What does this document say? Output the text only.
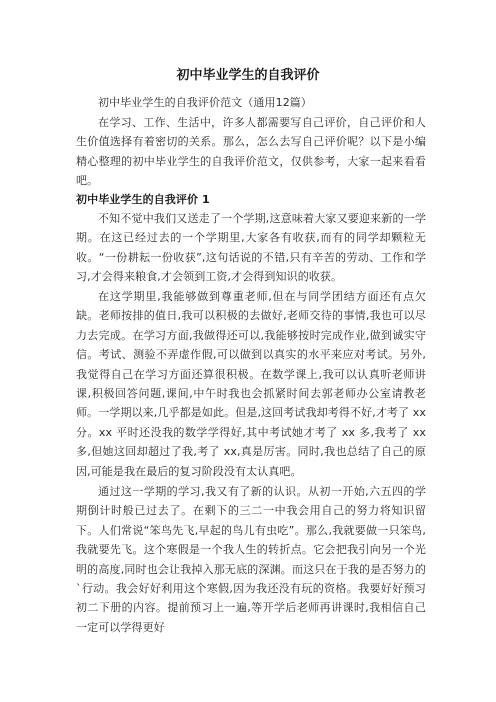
初中毕业学生的自我评价

初中毕业学生的自我评价范文（通用12篇）

在学习、工作、生活中，许多人都需要写自己评价，自己评价和人生价值选择有着密切的关系。那么，怎么去写自己评价呢？以下是小编精心整理的初中毕业学生的自我评价范文，仅供参考，大家一起来看看吧。

初中毕业学生的自我评价 1

不知不觉中我们又送走了一个学期,这意味着大家又要迎来新的一学期。在这已经过去的一个学期里,大家各有收获,而有的同学却颗粒无收。“一份耕耘一份收获”,这句话说的不错,只有辛苦的劳动、工作和学习,才会得来粮食,才会领到工资,才会得到知识的收获。

在这学期里,我能够做到尊重老师,但在与同学团结方面还有点欠缺。老师按排的值日,我可以积极的去做好,老师交待的事情,我也可以尽力去完成。在学习方面,我做得还可以,我能够按时完成作业,做到诚实守信。考试、测验不弄虚作假,可以做到以真实的水平来应对考试。另外,我觉得自己在学习方面还算很积极。在数学课上,我可以认真听老师讲课,积极回答问题,课间,中午时我也会抓紧时间去郭老师办公室请教老师。一学期以来,几乎都是如此。但是,这回考试我却考得不好,才考了 xx 分。xx 平时还没我的数学学得好,其中考试她才考了 xx 多,我考了 xx 多,但她这回却超过了我,考了 xx,真是厉害。同时,我也总结了自己的原因,可能是我在最后的复习阶段没有太认真吧。

通过这一学期的学习,我又有了新的认识。从初一开始,六五四的学期倒计时般已过去了。在剩下的三二一中我会用自己的努力将知识留下。人们常说“笨鸟先飞,早起的鸟儿有虫吃”。那么,我就要做一只笨鸟,我就要先飞。这个寒假是一个我人生的转折点。它会把我引向另一个光明的高度,同时也会让我掉入那无底的深渊。而这只在于我的是否努力的`行动。我会好好利用这个寒假,因为我还没有玩的资格。我要好好预习初二下册的内容。提前预习上一遍,等开学后老师再讲课时,我相信自己一定可以学得更好
